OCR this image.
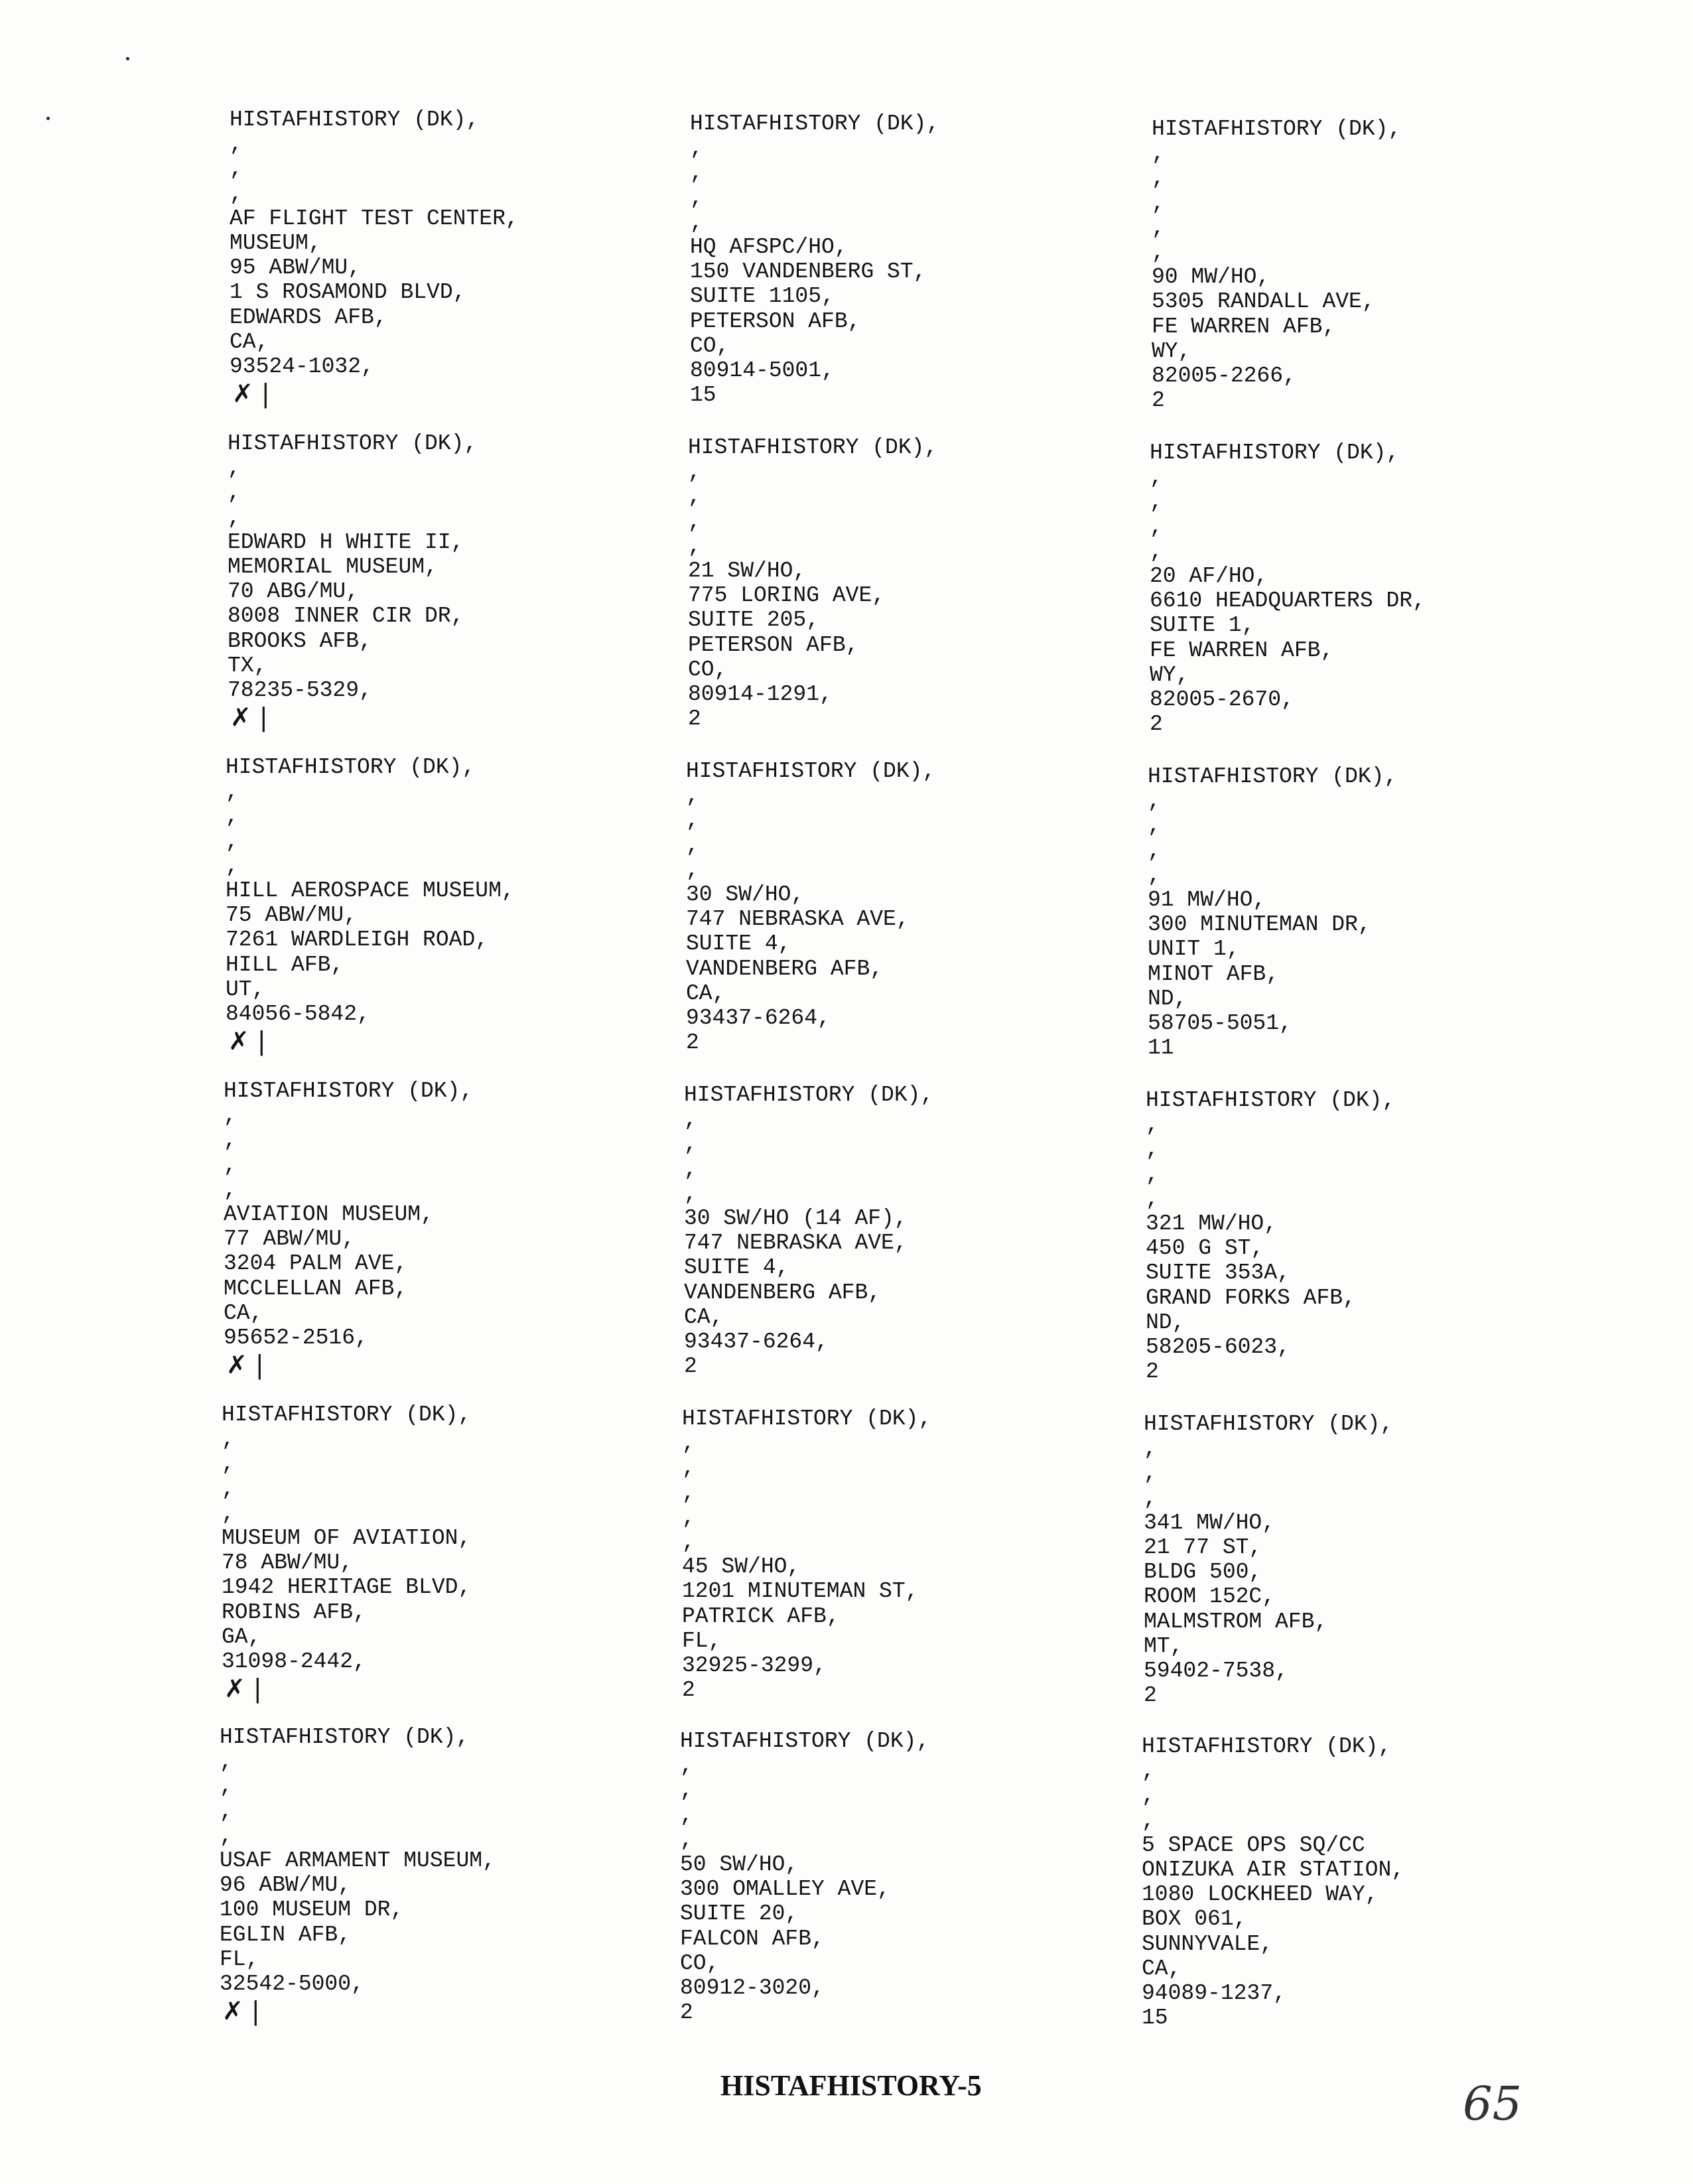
HISTAFHISTORY (DK),
,
,
,
AF FLIGHT TEST CENTER,
MUSEUM,
95 ABW/MU,
1 S ROSAMOND BLVD,
EDWARDS AFB,
CA,
93524-1032,
✗ |
HISTAFHISTORY (DK),
,
,
,
,
HQ AFSPC/HO,
150 VANDENBERG ST,
SUITE 1105,
PETERSON AFB,
CO,
80914-5001,
15
HISTAFHISTORY (DK),
,
,
,
,
,
90 MW/HO,
5305 RANDALL AVE,
FE WARREN AFB,
WY,
82005-2266,
2
HISTAFHISTORY (DK),
,
,
,
EDWARD H WHITE II,
MEMORIAL MUSEUM,
70 ABG/MU,
8008 INNER CIR DR,
BROOKS AFB,
TX,
78235-5329,
✗ |
HISTAFHISTORY (DK),
,
,
,
,
21 SW/HO,
775 LORING AVE,
SUITE 205,
PETERSON AFB,
CO,
80914-1291,
2
HISTAFHISTORY (DK),
,
,
,
,
20 AF/HO,
6610 HEADQUARTERS DR,
SUITE 1,
FE WARREN AFB,
WY,
82005-2670,
2
HISTAFHISTORY (DK),
,
,
,
,
HILL AEROSPACE MUSEUM,
75 ABW/MU,
7261 WARDLEIGH ROAD,
HILL AFB,
UT,
84056-5842,
✗ |
HISTAFHISTORY (DK),
,
,
,
,
30 SW/HO,
747 NEBRASKA AVE,
SUITE 4,
VANDENBERG AFB,
CA,
93437-6264,
2
HISTAFHISTORY (DK),
,
,
,
,
91 MW/HO,
300 MINUTEMAN DR,
UNIT 1,
MINOT AFB,
ND,
58705-5051,
11
HISTAFHISTORY (DK),
,
,
,
,
AVIATION MUSEUM,
77 ABW/MU,
3204 PALM AVE,
MCCLELLAN AFB,
CA,
95652-2516,
✗ |
HISTAFHISTORY (DK),
,
,
,
,
30 SW/HO (14 AF),
747 NEBRASKA AVE,
SUITE 4,
VANDENBERG AFB,
CA,
93437-6264,
2
HISTAFHISTORY (DK),
,
,
,
,
321 MW/HO,
450 G ST,
SUITE 353A,
GRAND FORKS AFB,
ND,
58205-6023,
2
HISTAFHISTORY (DK),
,
,
,
,
MUSEUM OF AVIATION,
78 ABW/MU,
1942 HERITAGE BLVD,
ROBINS AFB,
GA,
31098-2442,
✗ |
HISTAFHISTORY (DK),
,
,
,
,
,
45 SW/HO,
1201 MINUTEMAN ST,
PATRICK AFB,
FL,
32925-3299,
2
HISTAFHISTORY (DK),
,
,
,
341 MW/HO,
21 77 ST,
BLDG 500,
ROOM 152C,
MALMSTROM AFB,
MT,
59402-7538,
2
HISTAFHISTORY (DK),
,
,
,
,
USAF ARMAMENT MUSEUM,
96 ABW/MU,
100 MUSEUM DR,
EGLIN AFB,
FL,
32542-5000,
✗ |
HISTAFHISTORY (DK),
,
,
,
,
50 SW/HO,
300 OMALLEY AVE,
SUITE 20,
FALCON AFB,
CO,
80912-3020,
2
HISTAFHISTORY (DK),
,
,
,
5 SPACE OPS SQ/CC
ONIZUKA AIR STATION,
1080 LOCKHEED WAY,
BOX 061,
SUNNYVALE,
CA,
94089-1237,
15
HISTAFHISTORY-5	65
